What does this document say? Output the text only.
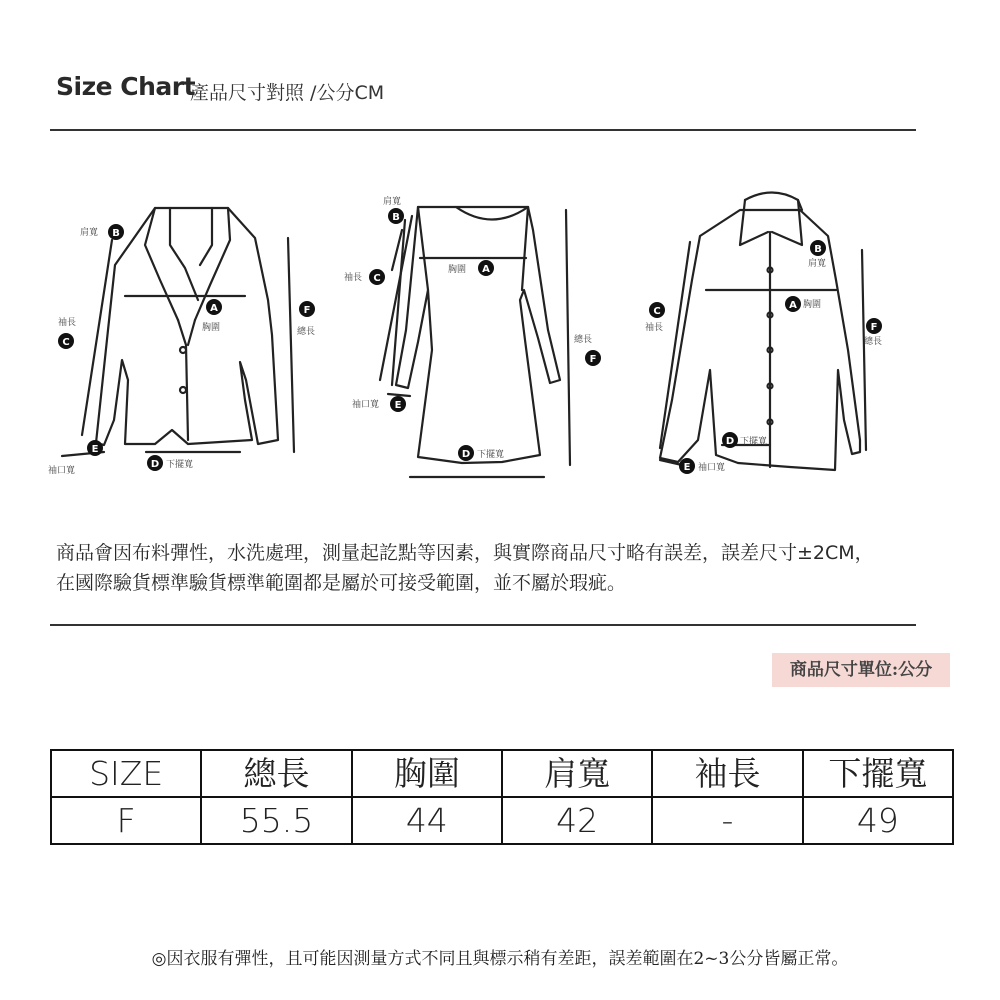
Size Chart
產品尺寸對照 /公分CM
B
C
A	F
E
D
肩寬
袖長	胸圍	總長
袖口寬
下擺寬
B
C
A
F
E
D
肩寬
袖長
胸圍
總長
袖口寬
下擺寬
B
C
A
F
E
D
肩寬
袖長
胸圍
總長
袖口寬
下擺寬
商品會因布料彈性，水洗處理，測量起訖點等因素，與實際商品尺寸略有誤差，誤差尺寸±2CM，
在國際驗貨標準驗貨標準範圍都是屬於可接受範圍，並不屬於瑕疵。
商品尺寸單位:公分
SIZE	總長	胸圍	肩寬	袖長	下擺寬
F	55.5	44	42	-	49
◎因衣服有彈性，且可能因測量方式不同且與標示稍有差距，誤差範圍在2~3公分皆屬正常。
